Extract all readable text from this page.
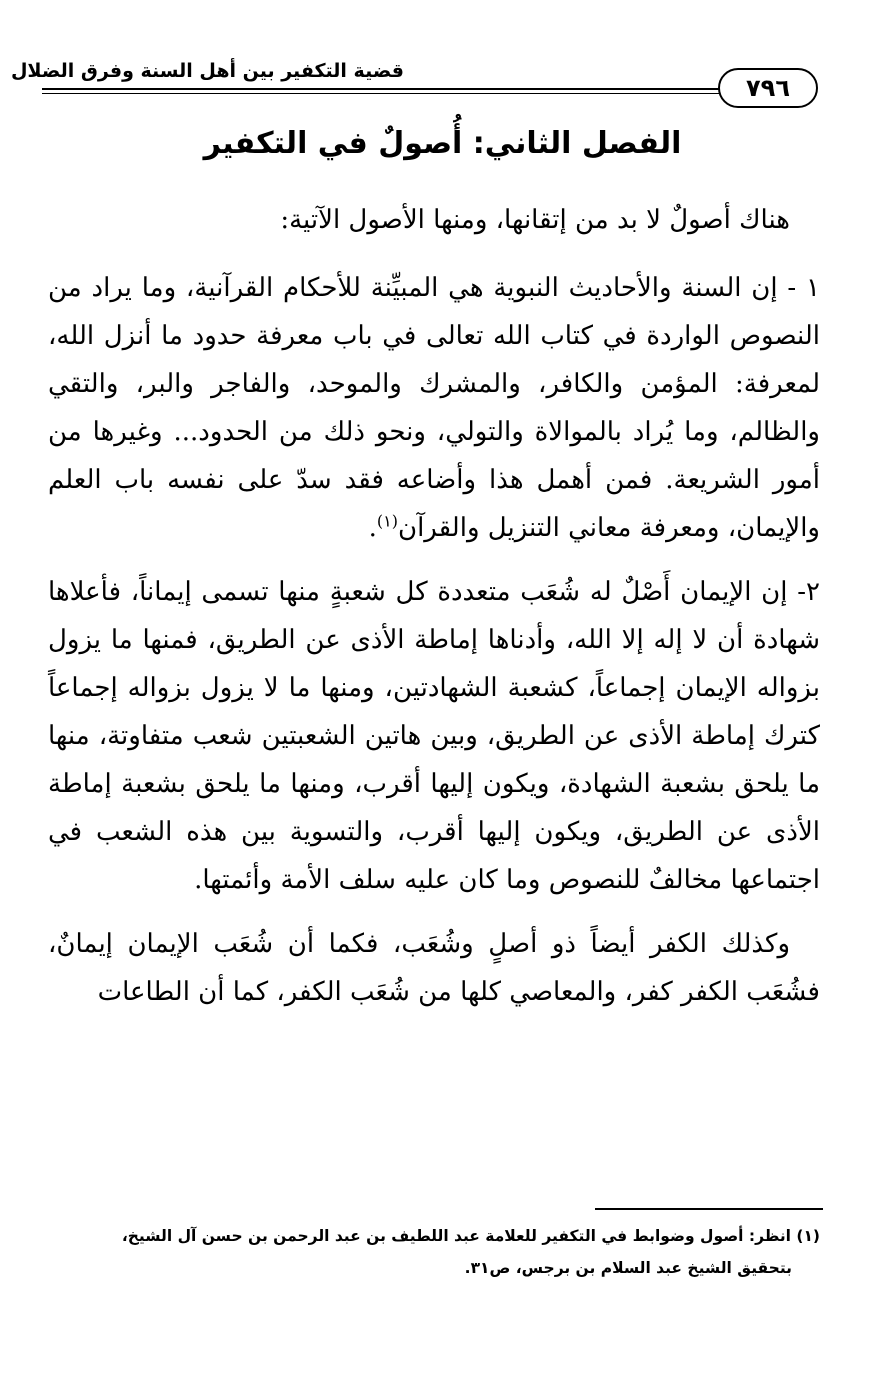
قضية التكفير بين أهل السنة وفرق الضلال
٧٩٦
الفصل الثاني: أُصولٌ في التكفير

هناك أصولٌ لا بد من إتقانها، ومنها الأصول الآتية:

١ - إن السنة والأحاديث النبوية هي المبيِّنة للأحكام القرآنية، وما يراد من النصوص الواردة في كتاب الله تعالى في باب معرفة حدود ما أنزل الله، لمعرفة: المؤمن والكافر، والمشرك والموحد، والفاجر والبر، والتقي والظالم، وما يُراد بالموالاة والتولي، ونحو ذلك من الحدود... وغيرها من أمور الشريعة. فمن أهمل هذا وأضاعه فقد سدّ على نفسه باب العلم والإيمان، ومعرفة معاني التنزيل والقرآن$^{(١)}$.

٢- إن الإيمان أَصْلٌ له شُعَب متعددة كل شعبةٍ منها تسمى إيماناً، فأعلاها شهادة أن لا إله إلا الله، وأدناها إماطة الأذى عن الطريق، فمنها ما يزول بزواله الإيمان إجماعاً، كشعبة الشهادتين، ومنها ما لا يزول بزواله إجماعاً كترك إماطة الأذى عن الطريق، وبين هاتين الشعبتين شعب متفاوتة، منها ما يلحق بشعبة الشهادة، ويكون إليها أقرب، ومنها ما يلحق بشعبة إماطة الأذى عن الطريق، ويكون إليها أقرب، والتسوية بين هذه الشعب في اجتماعها مخالفٌ للنصوص وما كان عليه سلف الأمة وأئمتها.

وكذلك الكفر أيضاً ذو أصلٍ وشُعَب، فكما أن شُعَب الإيمان إيمانٌ، فشُعَب الكفر كفر، والمعاصي كلها من شُعَب الكفر، كما أن الطاعات

(١) انظر: أصول وضوابط في التكفير للعلامة عبد اللطيف بن عبد الرحمن بن حسن آل الشيخ،

بتحقيق الشيخ عبد السلام بن برجس، ص٣١.
